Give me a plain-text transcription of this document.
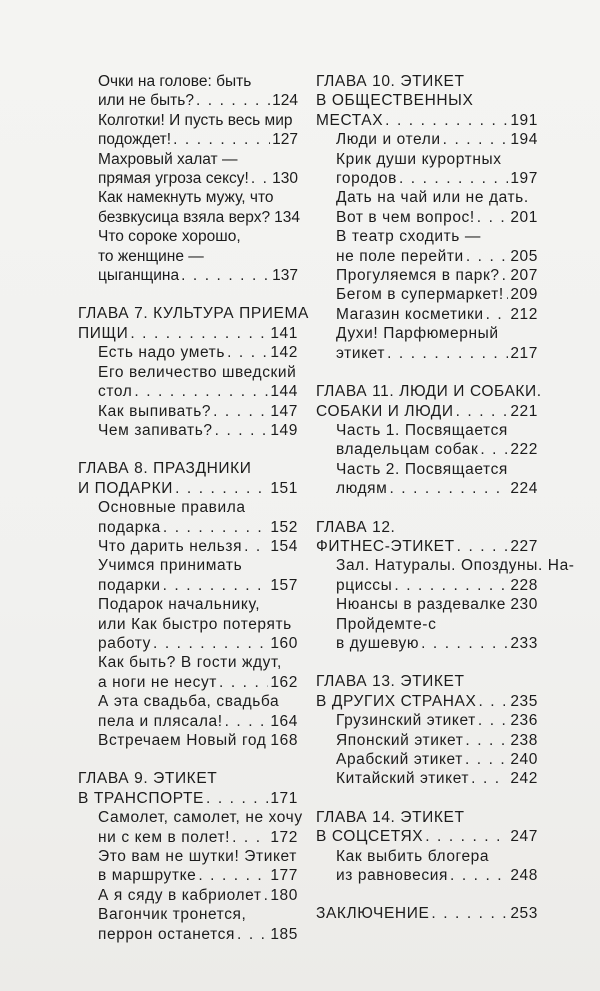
Очки на голове: быть
или не быть? . . .	124
Колготки! И пусть весь мир
подождет! . . .	127
Махровый халат —
прямая угроза сексу! . . . 130
Как намекнуть мужу, что
безвкусица взяла верх? 134
Что сороке хорошо,
то женщине —
цыганщина . . .	137
ГЛАВА 7. КУЛЬТУРА ПРИЕМА
ПИЩИ . . .	141
Есть надо уметь . . .	142
Его величество шведский
стол . . .	144
Как выпивать? . . .	147
Чем запивать? . . .	149
ГЛАВА 8. ПРАЗДНИКИ
И ПОДАРКИ . . .	151
Основные правила
подарка . . .	152
Что дарить нельзя . . . 154
Учимся принимать
подарки . . .	157
Подарок начальнику,
или Как быстро потерять
работу . . .	160
Как быть? В гости ждут,
а ноги не несут . . .	162
А эта свадьба, свадьба
пела и плясала! . . .	164
Встречаем Новый год 168
ГЛАВА 9. ЭТИКЕТ
В ТРАНСПОРТЕ . . .	171
Самолет, самолет, не хочу
ни с кем в полет! . . .	172
Это вам не шутки! Этикет
в маршрутке . . .	177
А я сяду в кабриолет . . . 180
Вагончик тронется,
перрон останется . . . 185
ГЛАВА 10. ЭТИКЕТ
В ОБЩЕСТВЕННЫХ
МЕСТАХ . . .	191
Люди и отели . . .	194
Крик души курортных
городов . . .	197
Дать на чай или не дать.
Вот в чем вопрос! . . . 201
В театр сходить —
не поле перейти . . .	205
Прогуляемся в парк? . . . 207
Бегом в супермаркет! . . . 209
Магазин косметики . . . 212
Духи! Парфюмерный
этикет . . .	217
ГЛАВА 11. ЛЮДИ И СОБАКИ.
СОБАКИ И ЛЮДИ . . .	221
Часть 1. Посвящается
владельцам собак . . . 222
Часть 2. Посвящается
людям . . .	224
ГЛАВА 12.
ФИТНЕС-ЭТИКЕТ . . .	227
Зал. Натуралы. Опоздуны. На-
рциссы . . .	228
Нюансы в раздевалке . . . 230
Пройдемте-с
в душевую . . .	233
ГЛАВА 13. ЭТИКЕТ
В ДРУГИХ СТРАНАХ . . . 235
Грузинский этикет . . . 236
Японский этикет . . .	238
Арабский этикет . . .	240
Китайский этикет . . .	242
ГЛАВА 14. ЭТИКЕТ
В СОЦСЕТЯХ . . .	247
Как выбить блогера
из равновесия . . .	248
ЗАКЛЮЧЕНИЕ . . .	253
